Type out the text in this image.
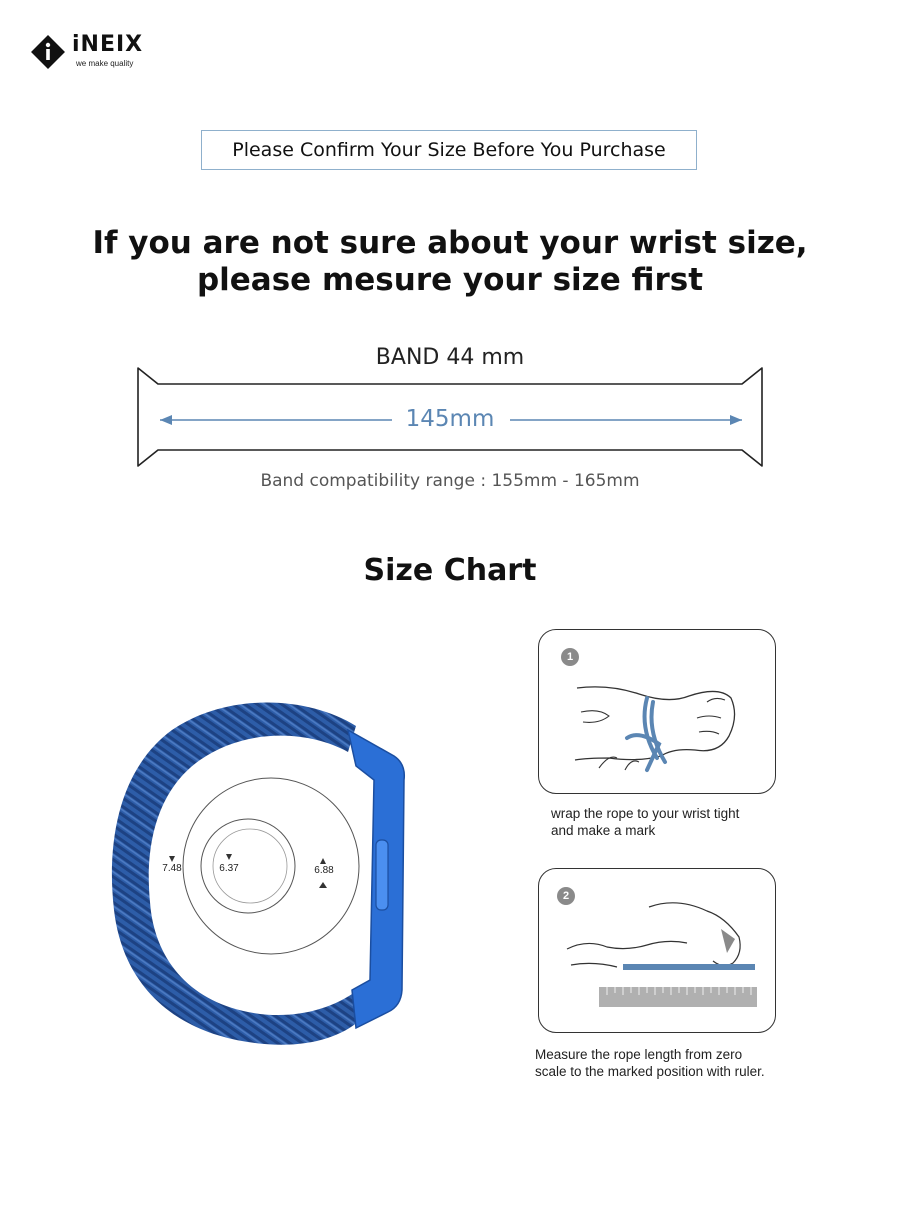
iNEIX
we make quality
Please Confirm Your Size Before You Purchase
If you are not sure about your wrist size,
please mesure your size first
BAND 44 mm
145mm
Band compatibility range : 155mm - 165mm
Size Chart
7.48	6.37	6.88
1
wrap the rope to your wrist tight
and make a mark
2
Measure the rope length from zero
scale to the marked position with ruler.
